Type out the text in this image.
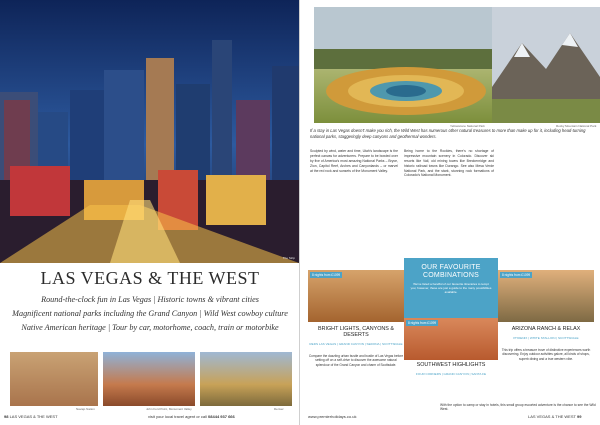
The Strip
LAS VEGAS & THE WEST

Round-the-clock fun in Las Vegas | Historic towns & vibrant cities

Magnificent national parks including the Grand Canyon | Wild West cowboy culture

Native American heritage | Tour by car, motorhome, coach, train or motorbike

Navajo Nation	John Ford Point, Monument Valley	Denver
98 LAS VEGAS & THE WEST	visit your local travel agent or call 08444 937 666
Yellowstone National Park	Rocky Mountain National Park

If a stay in Las Vegas doesn't make you rich, the Wild West has numerous other natural treasures to more than make up for it, including head-turning national parks, staggeringly deep canyons and geothermal wonders.

Sculpted by wind, water and time, Utah's landscape is the perfect canvas for adventurers. Prepare to be bowled over by five of America's most amazing National Parks – Bryce, Zion, Capitol Reef, Arches and Canyonlands – or marvel at the red rock and sunsets of the Monument Valley.

Being home to the Rockies, there's no shortage of impressive mountain scenery in Colorado. Discover ski resorts like Vail, old mining towns like Breckenridge and historic railroad towns like Durango. See also Mesa Verde National Park, and the stark, stunning rock formations of Colorado's National Monument.

OUR FAVOURITE COMBINATIONS

We've listed a handful of our favourite itineraries to tempt you; however, these are just a guide to the many possibilities available.

8 nights from £1099
BRIGHT LIGHTS, CANYONS & DESERTS

REDS LAS VEGAS | GRAND CANYON | SEDONA | SCOTTSDALE

Compare the dazzling urban bustle and bustle of Las Vegas before setting off on a self-drive to discover the awesome natural splendour of the Grand Canyon and charm of Scottsdale.

8 nights from £1099
SOUTHWEST HIGHLIGHTS

FOUR CORNERS | GRAND CANYON | SANTA FE

8 nights from £1099
ARIZONA RANCH & RELAX

PHOENIX | WHITE STALLION | SCOTTSDALE

This trip offers a treasure trove of distinctive experiences worth discovering. Enjoy outdoor activities galore, all kinds of shops, superb dining and a true western vibe.

With the option to camp or stay in hotels, this small group escorted adventure is the chance to see the Wild West.

www.premierholidays.co.uk	LAS VEGAS & THE WEST 99
